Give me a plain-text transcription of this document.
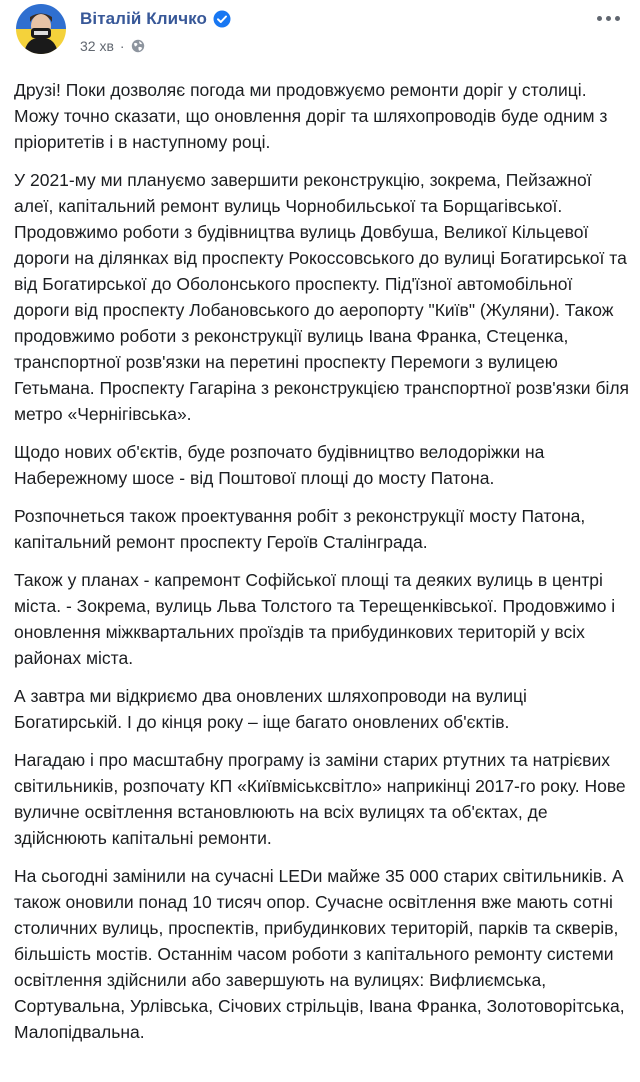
Віталій Кличко
32 хв ·

Друзі! Поки дозволяє погода ми продовжуємо ремонти доріг у столиці. Можу точно сказати, що оновлення доріг та шляхопроводів буде одним з пріоритетів і в наступному році.

У 2021-му ми плануємо завершити реконструкцію, зокрема, Пейзажної алеї, капітальний ремонт вулиць Чорнобильської та Борщагівської. Продовжимо роботи з будівництва вулиць Довбуша, Великої Кільцевої дороги на ділянках від проспекту Рокоссовського до вулиці Богатирської та від Богатирської до Оболонського проспекту. Під'їзної автомобільної дороги від проспекту Лобановського до аеропорту "Київ" (Жуляни). Також продовжимо роботи з реконструкції вулиць Івана Франка, Стеценка, транспортної розв'язки на перетині проспекту Перемоги з вулицею Гетьмана. Проспекту Гагаріна з реконструкцією транспортної розв'язки біля метро «Чернігівська».

Щодо нових об'єктів, буде розпочато будівництво велодоріжки на Набережному шосе - від Поштової площі до мосту Патона.

Розпочнеться також проектування робіт з реконструкції мосту Патона, капітальний ремонт проспекту Героїв Сталінграда.

Також у планах - капремонт Софійської площі та деяких вулиць в центрі міста. - Зокрема, вулиць Льва Толстого та Терещенківської. Продовжимо і оновлення міжквартальних проїздів та прибудинкових територій у всіх районах міста.

А завтра ми відкриємо два оновлених шляхопроводи на вулиці Богатирській. І до кінця року – іще багато оновлених об'єктів.

Нагадаю і про масштабну програму із заміни старих ртутних та натрієвих світильників, розпочату КП «Київміськсвітло» наприкінці 2017-го року. Нове вуличне освітлення встановлюють на всіх вулицях та об'єктах, де здійснюють капітальні ремонти.

На сьогодні замінили на сучасні LEDи майже 35 000 старих світильників. А також оновили понад 10 тисяч опор. Сучасне освітлення вже мають сотні столичних вулиць, проспектів, прибудинкових територій, парків та скверів, більшість мостів. Останнім часом роботи з капітального ремонту системи освітлення здійснили або завершують на вулицях: Вифлиємська, Сортувальна, Урлівська, Січових стрільців, Івана Франка, Золотоворітська, Малопідвальна.
